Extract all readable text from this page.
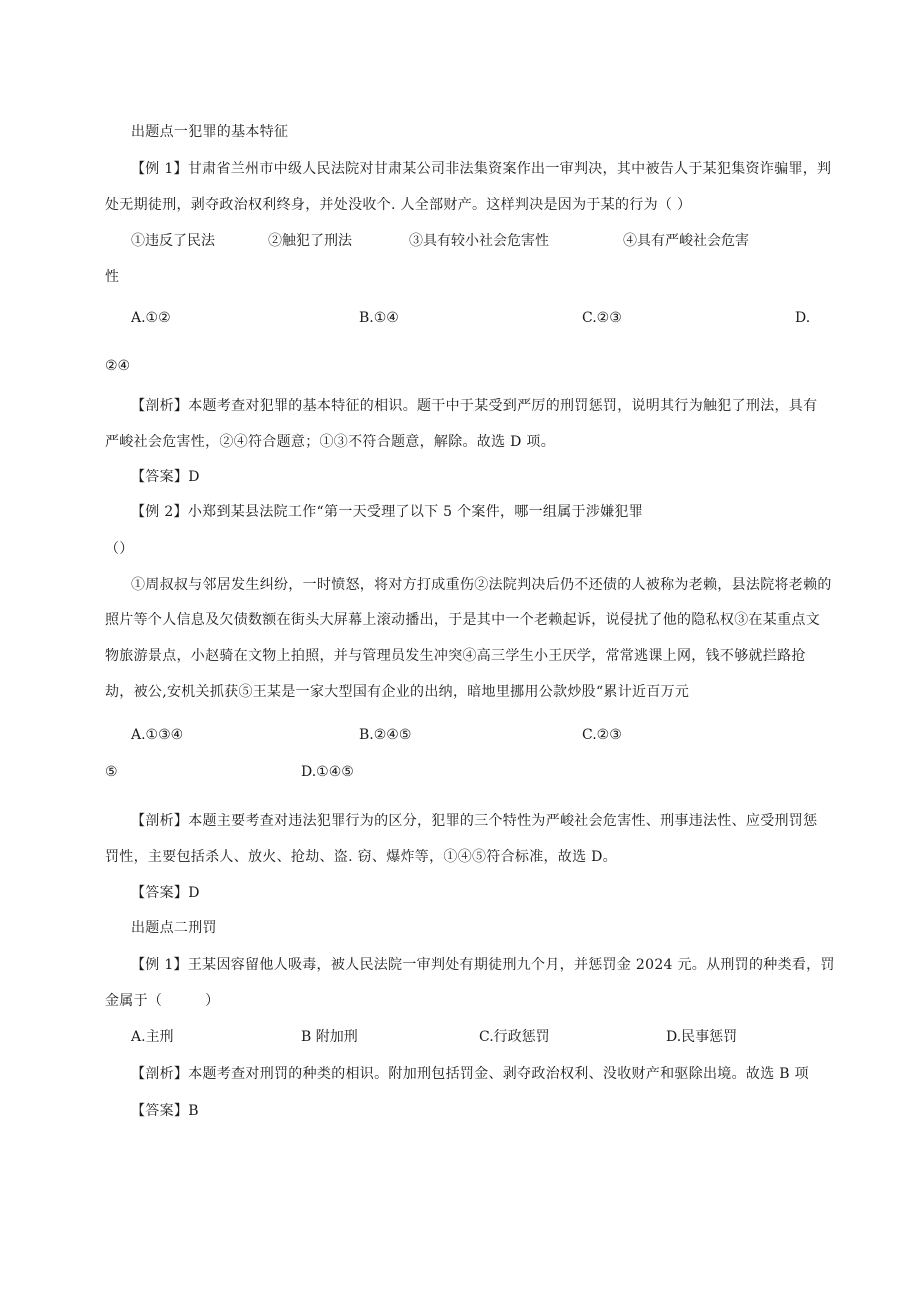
出题点一犯罪的基本特征
【例 1】甘肃省兰州市中级人民法院对甘肃某公司非法集资案作出一审判决，其中被告人于某犯集资诈骗罪，判
处无期徒刑，剥夺政治权利终身，并处没收个. 人全部财产。这样判决是因为于某的行为（ ）
①违反了民法	②触犯了刑法	③具有较小社会危害性	④具有严峻社会危害
性
A.①②	B.①④	C.②③	D.
②④
【剖析】本题考查对犯罪的基本特征的相识。题干中于某受到严厉的刑罚惩罚，说明其行为触犯了刑法，具有
严峻社会危害性，②④符合题意；①③不符合题意，解除。故选 D 项。
【答案】D
【例 2】小郑到某县法院工作“第一天受理了以下 5 个案件，哪一组属于涉嫌犯罪
（）
①周叔叔与邻居发生纠纷，一时愤怒，将对方打成重伤②法院判决后仍不还债的人被称为老赖，县法院将老赖的
照片等个人信息及欠债数额在街头大屏幕上滚动播出，于是其中一个老赖起诉，说侵扰了他的隐私权③在某重点文
物旅游景点，小赵骑在文物上拍照，并与管理员发生冲突④高三学生小王厌学，常常逃课上网，钱不够就拦路抢
劫，被公,安机关抓获⑤王某是一家大型国有企业的出纳，暗地里挪用公款炒股“累计近百万元
A.①③④	B.②④⑤	C.②③
⑤	D.①④⑤
【剖析】本题主要考查对违法犯罪行为的区分，犯罪的三个特性为严峻社会危害性、刑事违法性、应受刑罚惩
罚性，主要包括杀人、放火、抢劫、盗. 窃、爆炸等，①④⑤符合标准，故选 D。
【答案】D
出题点二刑罚
【例 1】王某因容留他人吸毒，被人民法院一审判处有期徒刑九个月，并惩罚金 2024 元。从刑罚的种类看，罚
金属于（　　　）
A.主刑	B 附加刑	C.行政惩罚	D.民事惩罚
【剖析】本题考查对刑罚的种类的相识。附加刑包括罚金、剥夺政治权利、没收财产和驱除出境。故选 B 项
【答案】B
